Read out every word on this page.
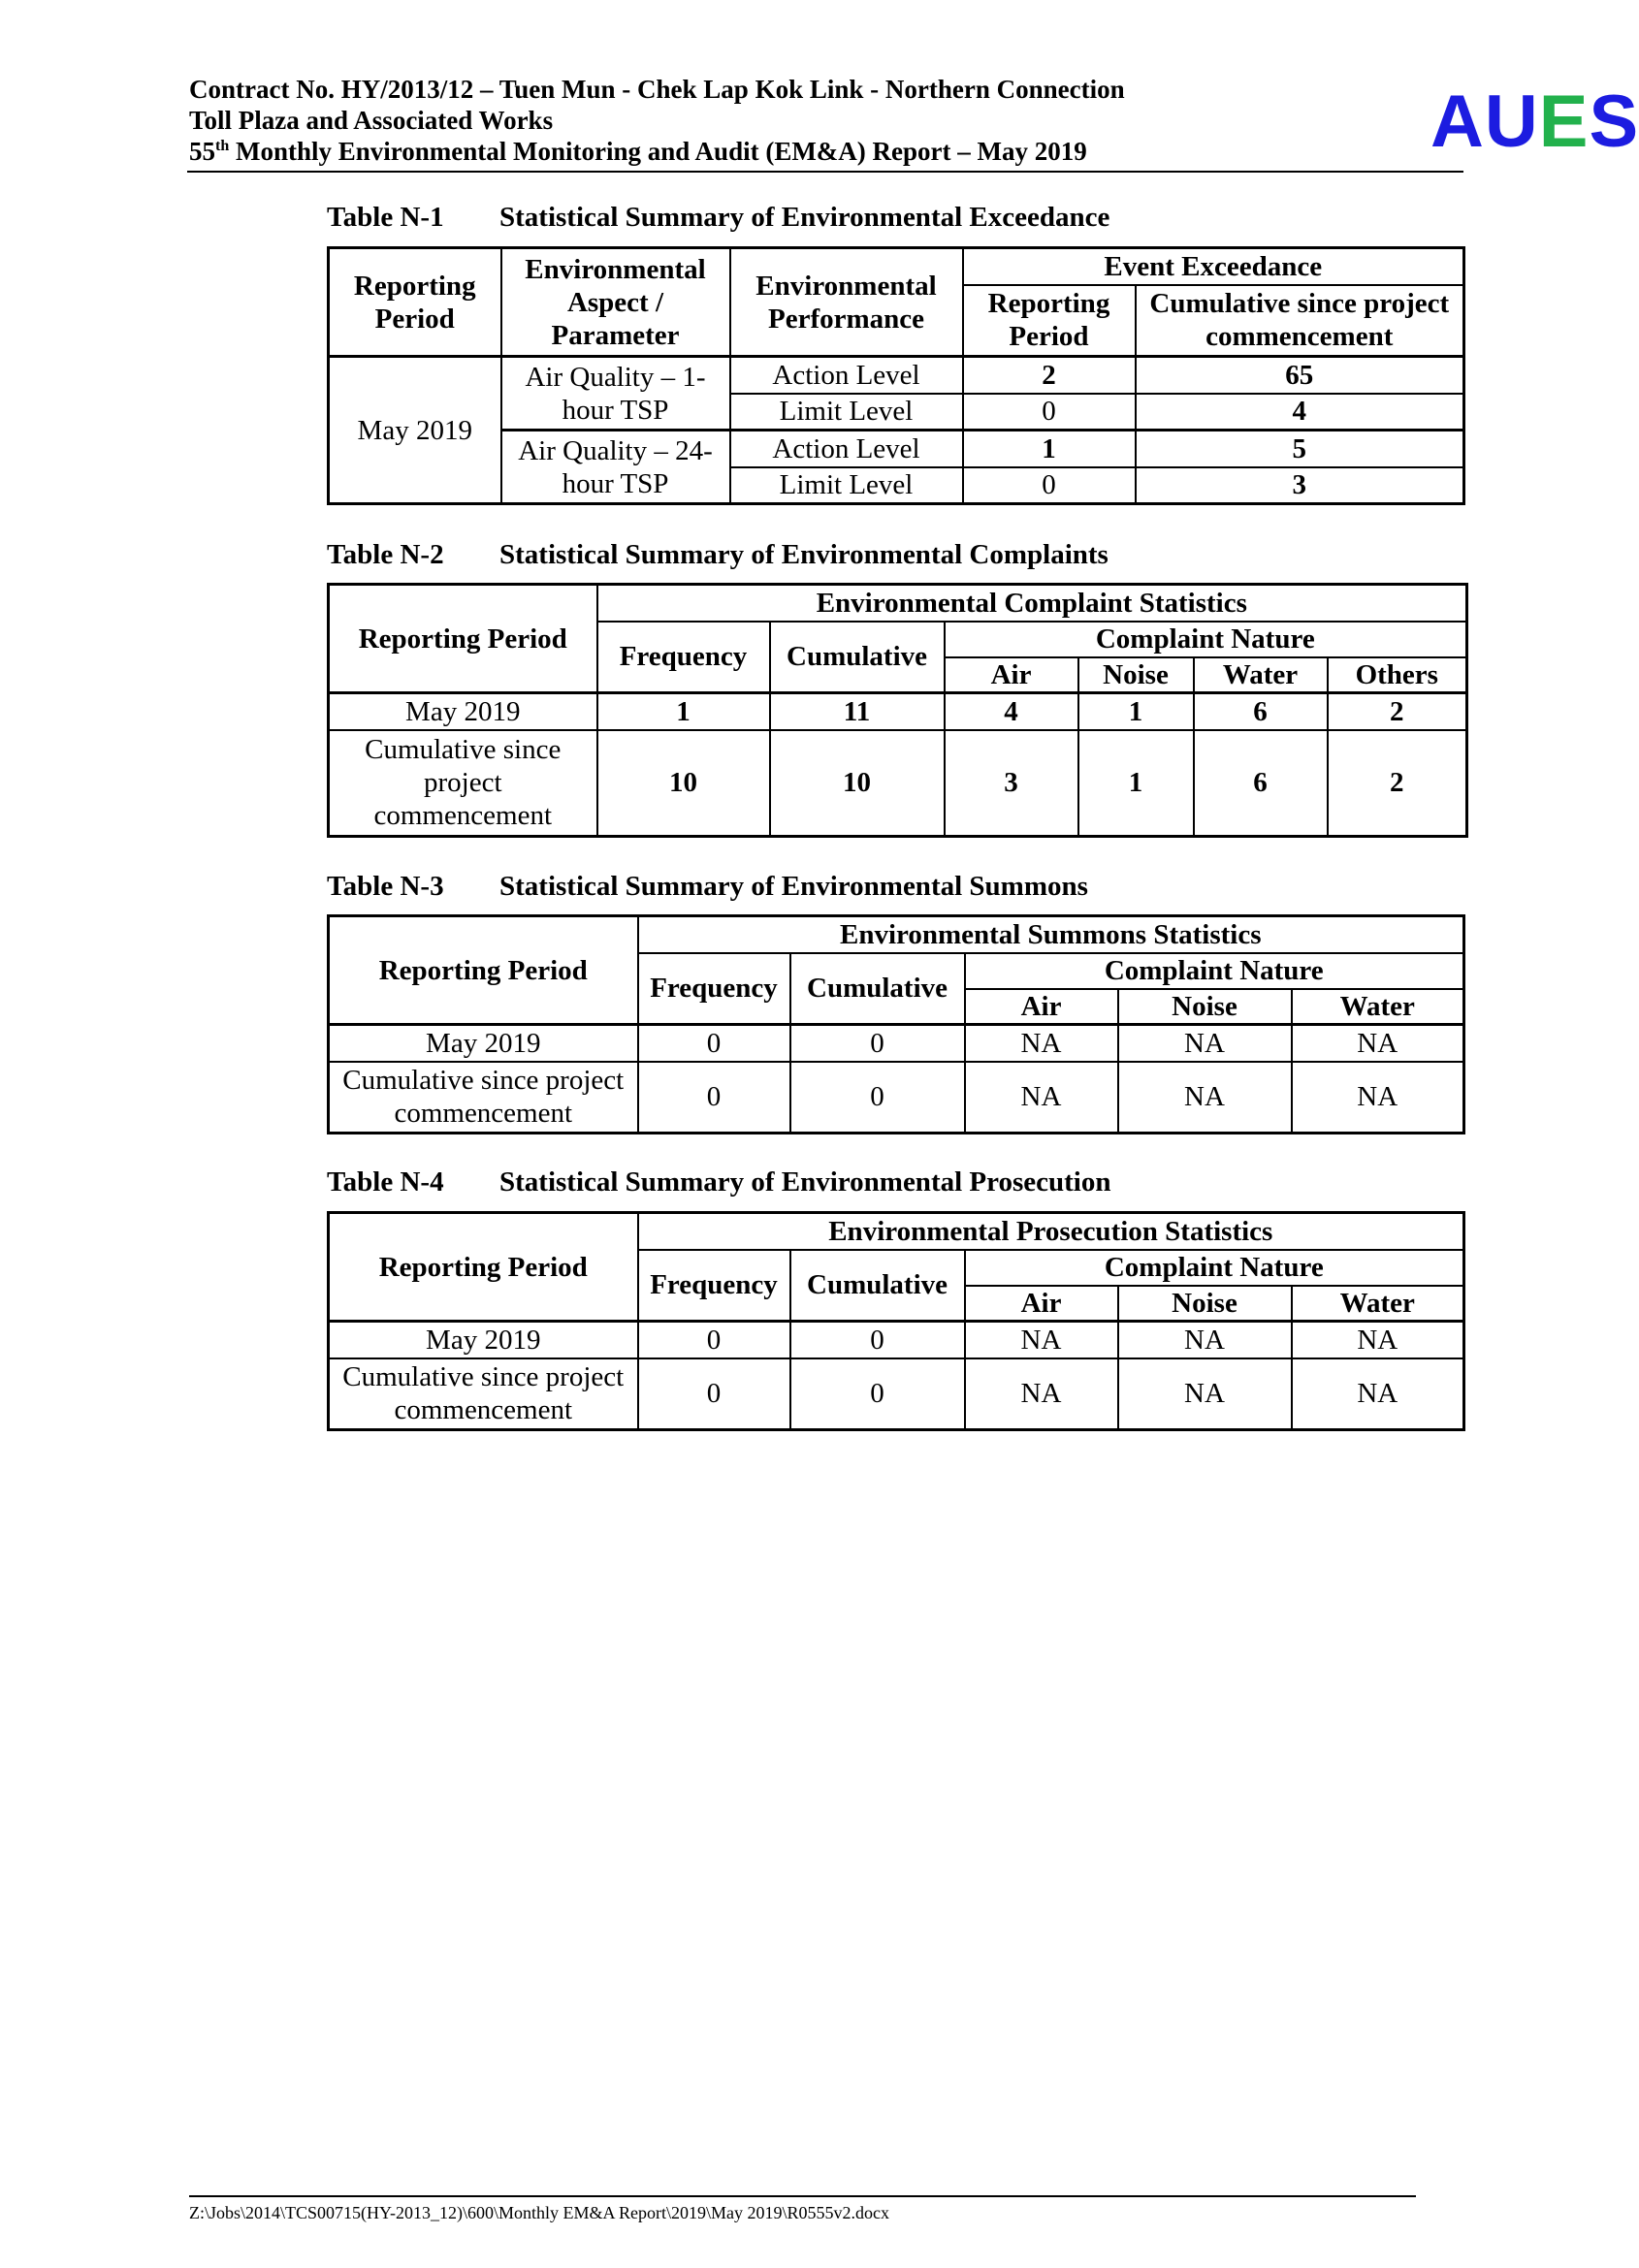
Contract No. HY/2013/12 – Tuen Mun - Chek Lap Kok Link - Northern Connection
Toll Plaza and Associated Works
55th Monthly Environmental Monitoring and Audit (EM&A) Report – May 2019	AUES
Table N-1 Statistical Summary of Environmental Exceedance
Reporting Period	Environmental Aspect / Parameter	Environmental Performance	Event Exceedance	
			Reporting Period	Cumulative since project commencement
May 2019	Air Quality – 1-hour TSP	Action Level	2	65
		Limit Level	0	4
	Air Quality – 24-hour TSP	Action Level	1	5
		Limit Level	0	3
Table N-2 Statistical Summary of Environmental Complaints
Reporting Period	Environmental Complaint Statistics					
	Frequency	Cumulative	Complaint Nature			
			Air	Noise	Water	Others
May 2019	1	11	4	1	6	2
Cumulative since project commencement	10	10	3	1	6	2
Table N-3 Statistical Summary of Environmental Summons
Reporting Period	Environmental Summons Statistics				
	Frequency	Cumulative	Complaint Nature		
			Air	Noise	Water
May 2019	0	0	NA	NA	NA
Cumulative since project commencement	0	0	NA	NA	NA
Table N-4 Statistical Summary of Environmental Prosecution
Reporting Period	Environmental Prosecution Statistics				
	Frequency	Cumulative	Complaint Nature		
			Air	Noise	Water
May 2019	0	0	NA	NA	NA
Cumulative since project commencement	0	0	NA	NA	NA
Z:\Jobs\2014\TCS00715(HY-2013_12)\600\Monthly EM&A Report\2019\May 2019\R0555v2.docx
